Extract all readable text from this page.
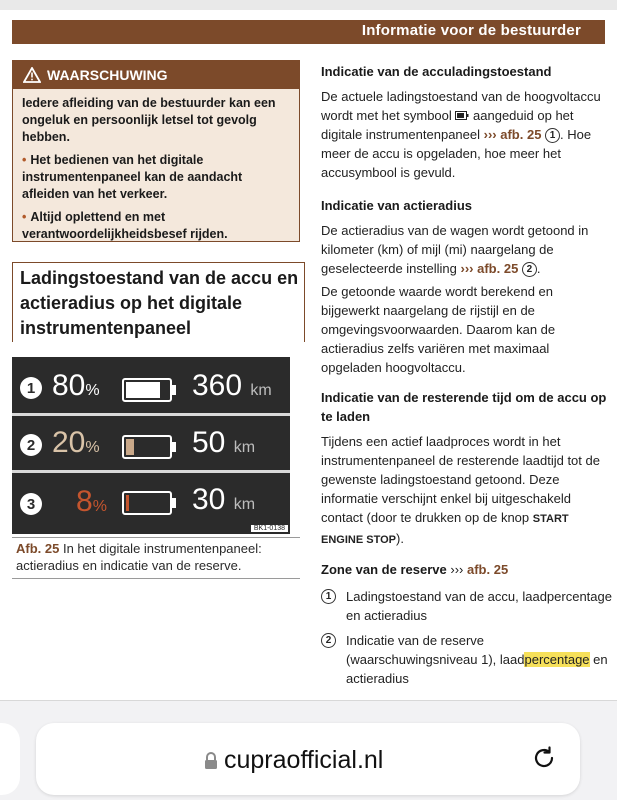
Informatie voor de bestuurder
WAARSCHUWING

Iedere afleiding van de bestuurder kan een ongeluk en persoonlijk letsel tot gevolg hebben.

• Het bedienen van het digitale instrumentenpaneel kan de aandacht afleiden van het verkeer.

• Altijd oplettend en met verantwoordelijkheidsbesef rijden.

Ladingstoestand van de accu en actieradius op het digitale instrumentenpaneel
1 80%	360 km
2 20%	50 km
3 8%	30 km
BK1-0138
Afb. 25 In het digitale instrumentenpaneel: actieradius en indicatie van de reserve.
Indicatie van de acculadingstoestand

De actuele ladingstoestand van de hoogvoltaccu wordt met het symbool aangeduid op het digitale instrumentenpaneel ››› afb. 25 1 . Hoe meer de accu is opgeladen, hoe meer het accusymbool is gevuld.

Indicatie van actieradius

De actieradius van de wagen wordt getoond in kilometer (km) of mijl (mi) naargelang de geselecteerde instelling ››› afb. 25 2 .

De getoonde waarde wordt berekend en bijgewerkt naargelang de rijstijl en de omgevingsvoorwaarden. Daarom kan de actieradius zelfs variëren met maximaal opgeladen hoogvoltaccu.

Indicatie van de resterende tijd om de accu op te laden

Tijdens een actief laadproces wordt in het instrumentenpaneel de resterende laadtijd tot de gewenste ladingstoestand getoond. Deze informatie verschijnt enkel bij uitgeschakeld contact (door te drukken op de knop START ENGINE STOP).

Zone van de reserve ››› afb. 25
1	Ladingstoestand van de accu, laadpercentage en actieradius
2	Indicatie van de reserve (waarschuwingsniveau 1), laadpercentage en actieradius
cupraofficial.nl
